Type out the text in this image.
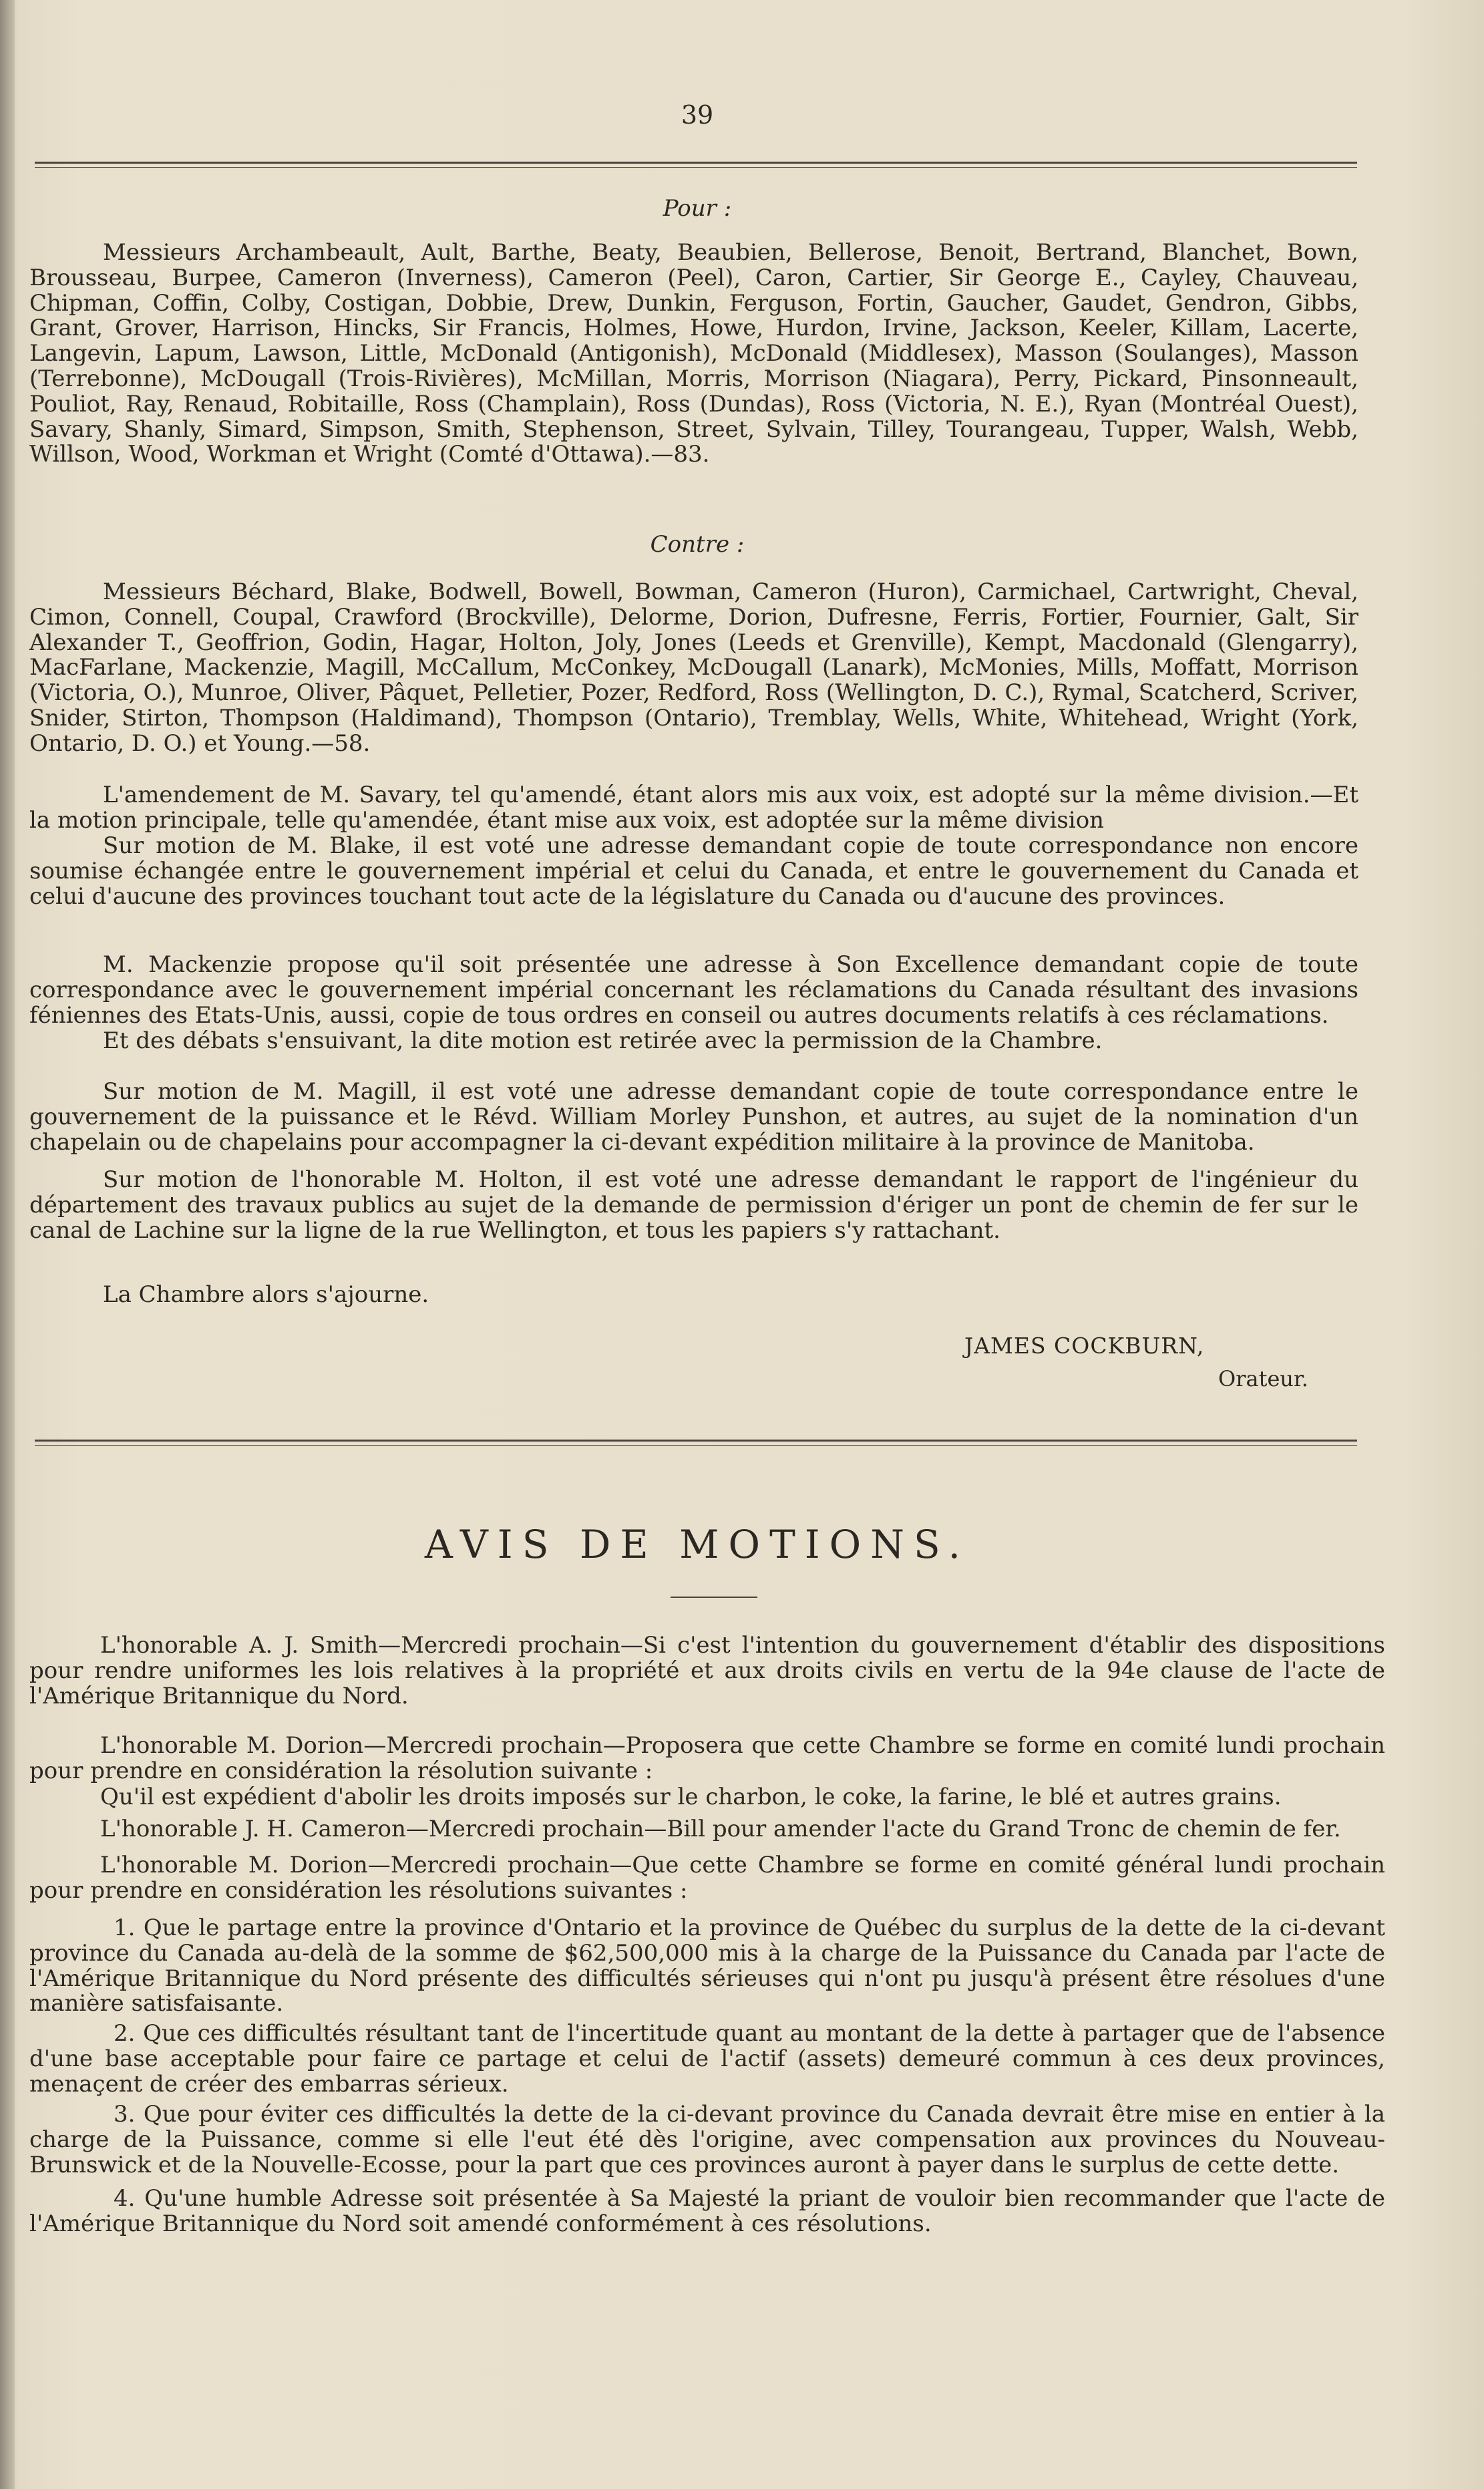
39
Pour :
Messieurs Archambeault, Ault, Barthe, Beaty, Beaubien, Bellerose, Benoit, Bertrand, Blanchet, Bown, Brousseau, Burpee, Cameron (Inverness), Cameron (Peel), Caron, Cartier, Sir George E., Cayley, Chauveau, Chipman, Coffin, Colby, Costigan, Dobbie, Drew, Dunkin, Ferguson, Fortin, Gaucher, Gaudet, Gendron, Gibbs, Grant, Grover, Harrison, Hincks, Sir Francis, Holmes, Howe, Hurdon, Irvine, Jackson, Keeler, Killam, Lacerte, Langevin, Lapum, Lawson, Little, McDonald (Antigonish), McDonald (Middlesex), Masson (Soulanges), Masson (Terrebonne), McDougall (Trois-Rivières), McMillan, Morris, Morrison (Niagara), Perry, Pickard, Pinsonneault, Pouliot, Ray, Renaud, Robitaille, Ross (Champlain), Ross (Dundas), Ross (Victoria, N. E.), Ryan (Montréal Ouest), Savary, Shanly, Simard, Simpson, Smith, Stephenson, Street, Sylvain, Tilley, Tourangeau, Tupper, Walsh, Webb, Willson, Wood, Workman et Wright (Comté d'Ottawa).—83.
Contre :
Messieurs Béchard, Blake, Bodwell, Bowell, Bowman, Cameron (Huron), Carmichael, Cartwright, Cheval, Cimon, Connell, Coupal, Crawford (Brockville), Delorme, Dorion, Dufresne, Ferris, Fortier, Fournier, Galt, Sir Alexander T., Geoffrion, Godin, Hagar, Holton, Joly, Jones (Leeds et Grenville), Kempt, Macdonald (Glengarry), MacFarlane, Mackenzie, Magill, McCallum, McConkey, McDougall (Lanark), McMonies, Mills, Moffatt, Morrison (Victoria, O.), Munroe, Oliver, Pâquet, Pelletier, Pozer, Redford, Ross (Wellington, D. C.), Rymal, Scatcherd, Scriver, Snider, Stirton, Thompson (Haldimand), Thompson (Ontario), Tremblay, Wells, White, Whitehead, Wright (York, Ontario, D. O.) et Young.—58.
L'amendement de M. Savary, tel qu'amendé, étant alors mis aux voix, est adopté sur la même division.—Et la motion principale, telle qu'amendée, étant mise aux voix, est adoptée sur la même division
Sur motion de M. Blake, il est voté une adresse demandant copie de toute correspondance non encore soumise échangée entre le gouvernement impérial et celui du Canada, et entre le gouvernement du Canada et celui d'aucune des provinces touchant tout acte de la législature du Canada ou d'aucune des provinces.
M. Mackenzie propose qu'il soit présentée une adresse à Son Excellence demandant copie de toute correspondance avec le gouvernement impérial concernant les réclamations du Canada résultant des invasions féniennes des Etats-Unis, aussi, copie de tous ordres en conseil ou autres documents relatifs à ces réclamations.
Et des débats s'ensuivant, la dite motion est retirée avec la permission de la Chambre.
Sur motion de M. Magill, il est voté une adresse demandant copie de toute correspondance entre le gouvernement de la puissance et le Révd. William Morley Punshon, et autres, au sujet de la nomination d'un chapelain ou de chapelains pour accompagner la ci-devant expédition militaire à la province de Manitoba.
Sur motion de l'honorable M. Holton, il est voté une adresse demandant le rapport de l'ingénieur du département des travaux publics au sujet de la demande de permission d'ériger un pont de chemin de fer sur le canal de Lachine sur la ligne de la rue Wellington, et tous les papiers s'y rattachant.
La Chambre alors s'ajourne.
JAMES COCKBURN,
Orateur.
AVIS DE MOTIONS.
L'honorable A. J. Smith—Mercredi prochain—Si c'est l'intention du gouvernement d'établir des dispositions pour rendre uniformes les lois relatives à la propriété et aux droits civils en vertu de la 94e clause de l'acte de l'Amérique Britannique du Nord.
L'honorable M. Dorion—Mercredi prochain—Proposera que cette Chambre se forme en comité lundi prochain pour prendre en considération la résolution suivante :
Qu'il est expédient d'abolir les droits imposés sur le charbon, le coke, la farine, le blé et autres grains.
L'honorable J. H. Cameron—Mercredi prochain—Bill pour amender l'acte du Grand Tronc de chemin de fer.
L'honorable M. Dorion—Mercredi prochain—Que cette Chambre se forme en comité général lundi prochain pour prendre en considération les résolutions suivantes :
1. Que le partage entre la province d'Ontario et la province de Québec du surplus de la dette de la ci-devant province du Canada au-delà de la somme de $62,500,000 mis à la charge de la Puissance du Canada par l'acte de l'Amérique Britannique du Nord présente des difficultés sérieuses qui n'ont pu jusqu'à présent être résolues d'une manière satisfaisante.
2. Que ces difficultés résultant tant de l'incertitude quant au montant de la dette à partager que de l'absence d'une base acceptable pour faire ce partage et celui de l'actif (assets) demeuré commun à ces deux provinces, menaçent de créer des embarras sérieux.
3. Que pour éviter ces difficultés la dette de la ci-devant province du Canada devrait être mise en entier à la charge de la Puissance, comme si elle l'eut été dès l'origine, avec compensation aux provinces du Nouveau-Brunswick et de la Nouvelle-Ecosse, pour la part que ces provinces auront à payer dans le surplus de cette dette.
4. Qu'une humble Adresse soit présentée à Sa Majesté la priant de vouloir bien recommander que l'acte de l'Amérique Britannique du Nord soit amendé conformément à ces résolutions.
